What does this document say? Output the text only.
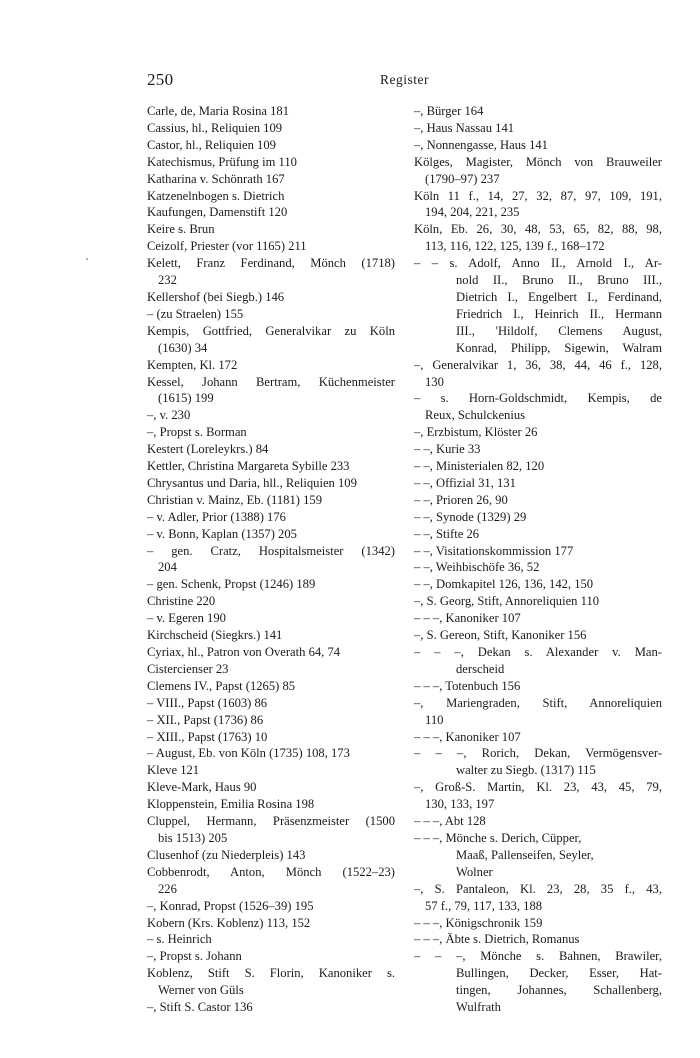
250	Register
Carle, de, Maria Rosina 181
Cassius, hl., Reliquien 109
Castor, hl., Reliquien 109
Katechismus, Prüfung im 110
Katharina v. Schönrath 167
Katzenelnbogen s. Dietrich
Kaufungen, Damenstift 120
Keire s. Brun
Ceizolf, Priester (vor 1165) 211
Kelett, Franz Ferdinand, Mönch (1718)
232
Kellershof (bei Siegb.) 146
– (zu Straelen) 155
Kempis, Gottfried, Generalvikar zu Köln
(1630) 34
Kempten, Kl. 172
Kessel, Johann Bertram, Küchenmeister
(1615) 199
–, v. 230
–, Propst s. Borman
Kestert (Loreleykrs.) 84
Kettler, Christina Margareta Sybille 233
Chrysantus und Daria, hll., Reliquien 109
Christian v. Mainz, Eb. (1181) 159
– v. Adler, Prior (1388) 176
– v. Bonn, Kaplan (1357) 205
– gen. Cratz, Hospitalsmeister (1342)
204
– gen. Schenk, Propst (1246) 189
Christine 220
– v. Egeren 190
Kirchscheid (Siegkrs.) 141
Cyriax, hl., Patron von Overath 64, 74
Cistercienser 23
Clemens IV., Papst (1265) 85
– VIII., Papst (1603) 86
– XII., Papst (1736) 86
– XIII., Papst (1763) 10
– August, Eb. von Köln (1735) 108, 173
Kleve 121
Kleve-Mark, Haus 90
Kloppenstein, Emilia Rosina 198
Cluppel, Hermann, Präsenzmeister (1500
bis 1513) 205
Clusenhof (zu Niederpleis) 143
Cobbenrodt, Anton, Mönch (1522–23)
226
–, Konrad, Propst (1526–39) 195
Kobern (Krs. Koblenz) 113, 152
– s. Heinrich
–, Propst s. Johann
Koblenz, Stift S. Florin, Kanoniker s.
Werner von Güls
–, Stift S. Castor 136
–, Bürger 164
–, Haus Nassau 141
–, Nonnengasse, Haus 141
Kölges, Magister, Mönch von Brauweiler
(1790–97) 237
Köln 11 f., 14, 27, 32, 87, 97, 109, 191,
194, 204, 221, 235
Köln, Eb. 26, 30, 48, 53, 65, 82, 88, 98,
113, 116, 122, 125, 139 f., 168–172
– – s. Adolf, Anno II., Arnold I., Ar-
nold II., Bruno II., Bruno III.,
Dietrich I., Engelbert I., Ferdinand,
Friedrich I., Heinrich II., Hermann
III., 'Hildolf, Clemens August,
Konrad, Philipp, Sigewin, Walram
–, Generalvikar 1, 36, 38, 44, 46 f., 128,
130
– s. Horn-Goldschmidt, Kempis, de
Reux, Schulckenius
–, Erzbistum, Klöster 26
– –, Kurie 33
– –, Ministerialen 82, 120
– –, Offizial 31, 131
– –, Prioren 26, 90
– –, Synode (1329) 29
– –, Stifte 26
– –, Visitationskommission 177
– –, Weihbischöfe 36, 52
– –, Domkapitel 126, 136, 142, 150
–, S. Georg, Stift, Annoreliquien 110
– – –, Kanoniker 107
–, S. Gereon, Stift, Kanoniker 156
– – –, Dekan s. Alexander v. Man-
derscheid
– – –, Totenbuch 156
–, Mariengraden, Stift, Annoreliquien
110
– – –, Kanoniker 107
– – –, Rorich, Dekan, Vermögensver-
walter zu Siegb. (1317) 115
–, Groß-S. Martin, Kl. 23, 43, 45, 79,
130, 133, 197
– – –, Abt 128
– – –, Mönche s. Derich, Cüpper,
Maaß, Pallenseifen, Seyler,
Wolner
–, S. Pantaleon, Kl. 23, 28, 35 f., 43,
57 f., 79, 117, 133, 188
– – –, Königschronik 159
– – –, Äbte s. Dietrich, Romanus
– – –, Mönche s. Bahnen, Brawiler,
Bullingen, Decker, Esser, Hat-
tingen, Johannes, Schallenberg,
Wulfrath
